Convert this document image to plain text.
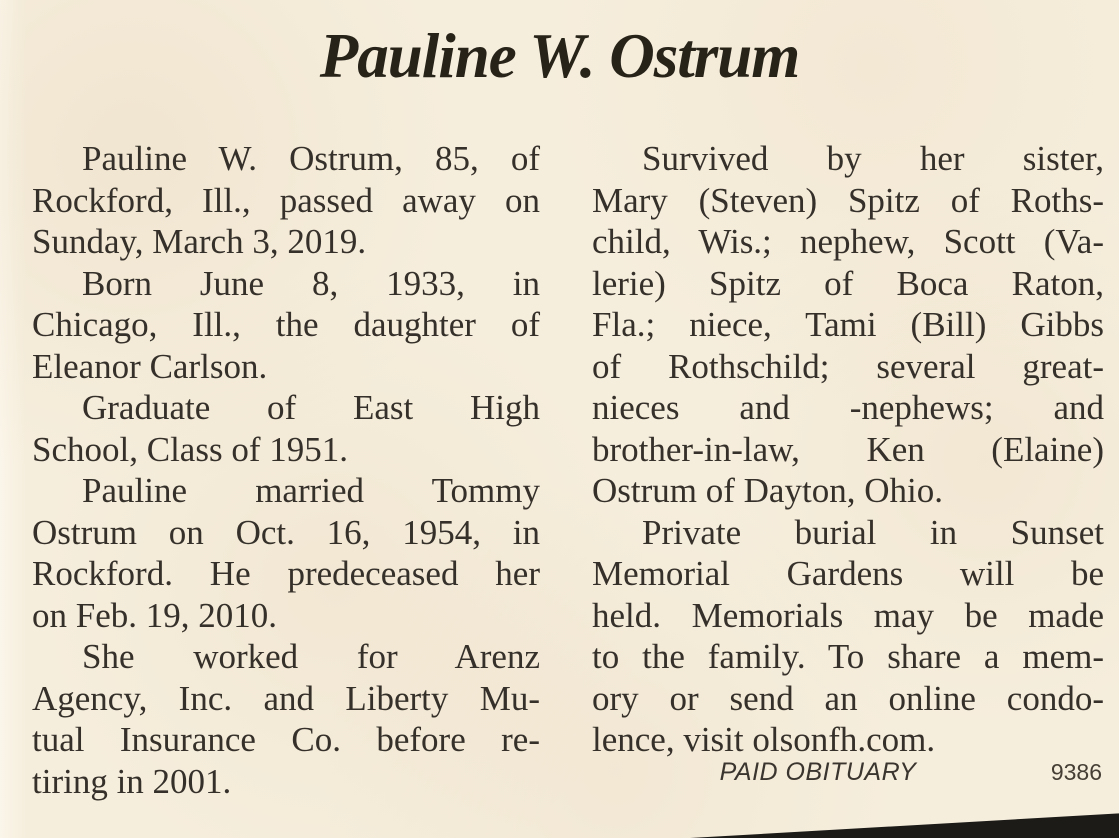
Pauline W. Ostrum
Pauline W. Ostrum, 85, of
Rockford, Ill., passed away on
Sunday, March 3, 2019.
Born June 8, 1933, in
Chicago, Ill., the daughter of
Eleanor Carlson.
Graduate of East High
School, Class of 1951.
Pauline married Tommy
Ostrum on Oct. 16, 1954, in
Rockford. He predeceased her
on Feb. 19, 2010.
She worked for Arenz
Agency, Inc. and Liberty Mu-
tual Insurance Co. before re-
tiring in 2001.
Survived by her sister,
Mary (Steven) Spitz of Roths-
child, Wis.; nephew, Scott (Va-
lerie) Spitz of Boca Raton,
Fla.; niece, Tami (Bill) Gibbs
of Rothschild; several great-
nieces and -nephews; and
brother-in-law, Ken (Elaine)
Ostrum of Dayton, Ohio.
Private burial in Sunset
Memorial Gardens will be
held. Memorials may be made
to the family. To share a mem-
ory or send an online condo-
lence, visit olsonfh.com.
PAID OBITUARY	9386
